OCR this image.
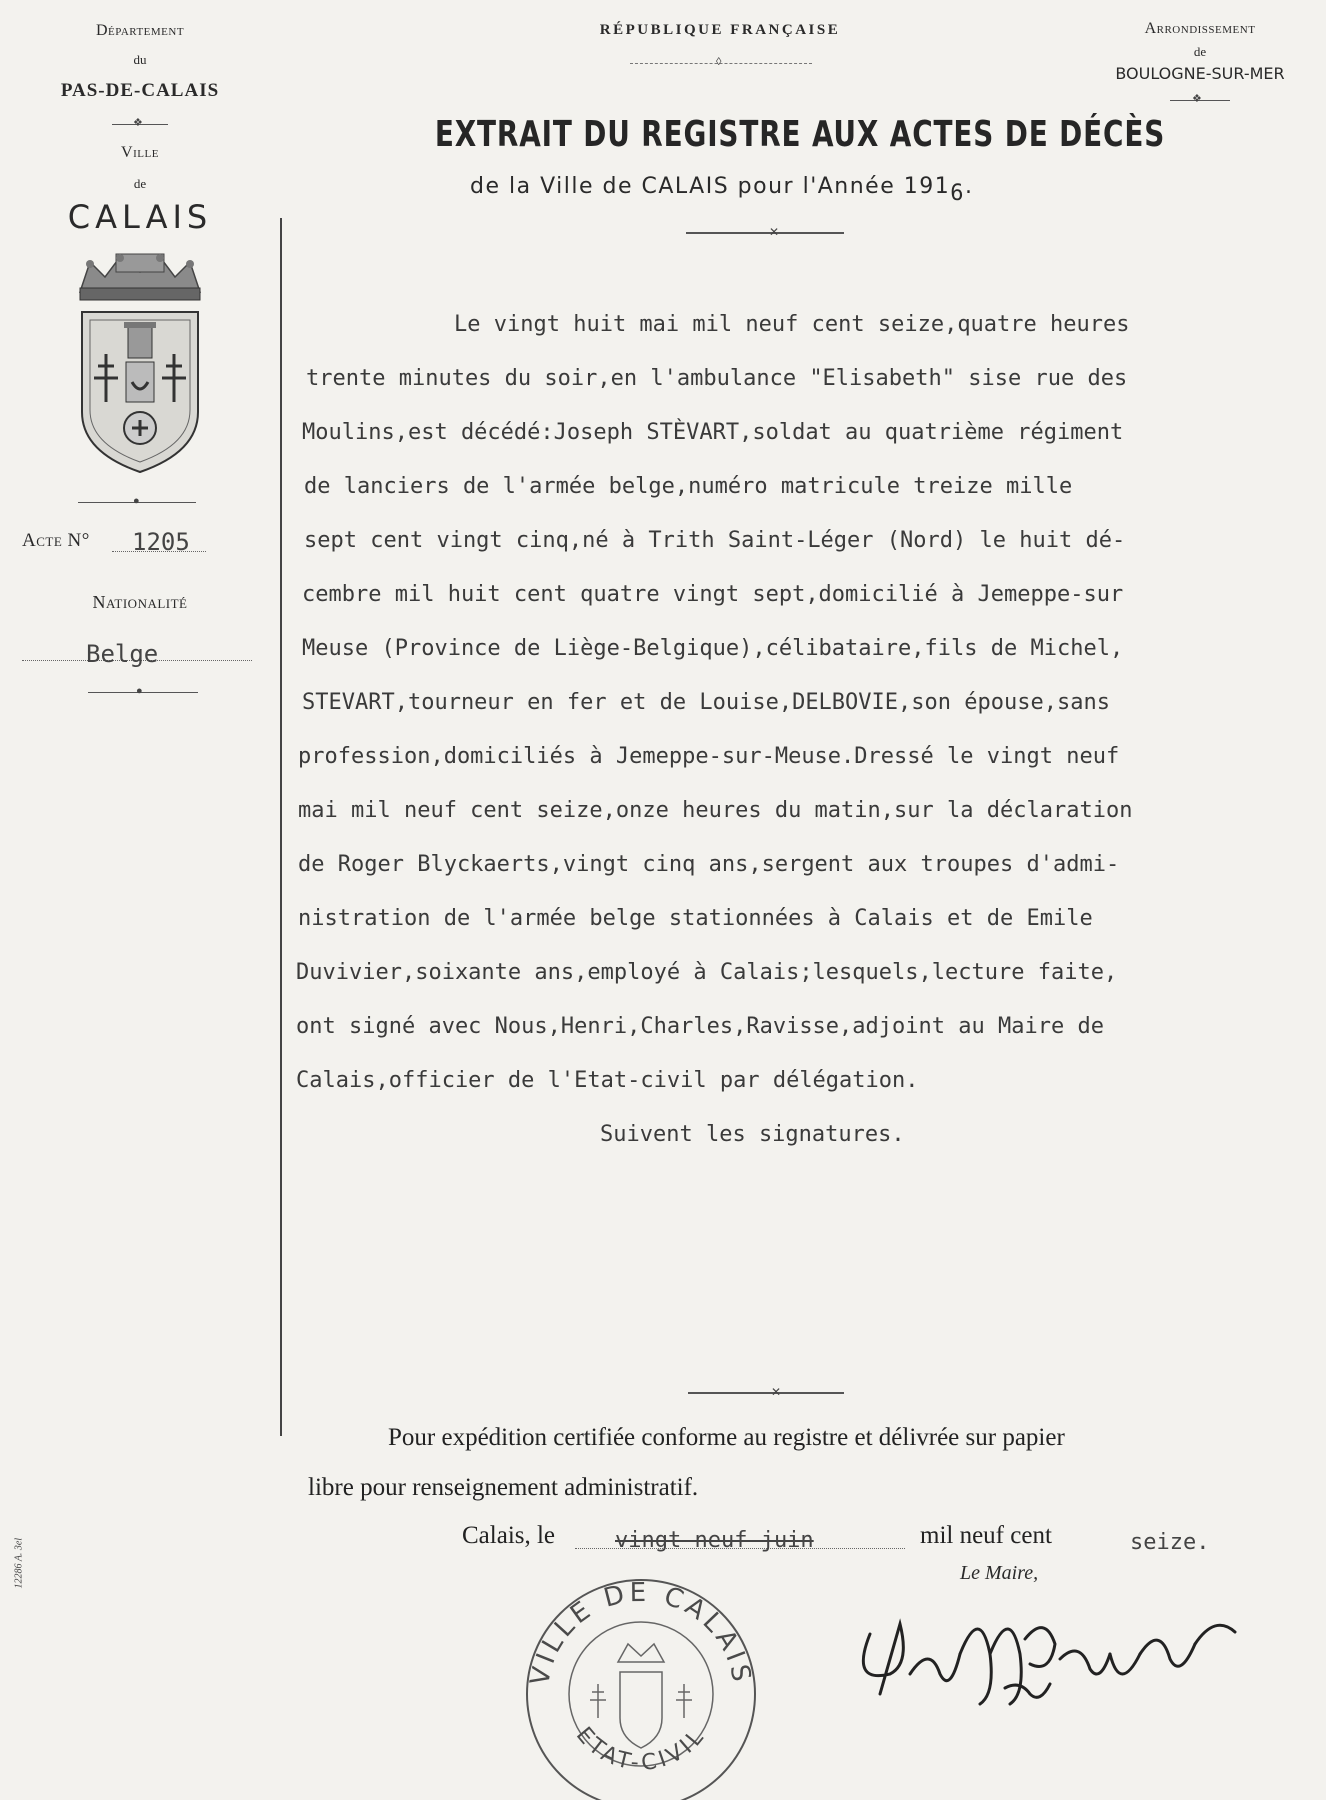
Département
du
PAS-DE-CALAIS
❖
Ville
de
CALAIS
●
Acte N° 1205
Nationalité
Belge
●
12286 A. 3el
RÉPUBLIQUE FRANÇAISE
◊
Arrondissement
de
BOULOGNE-SUR-MER
❖
EXTRAIT DU REGISTRE AUX ACTES DE DÉCÈS
de la Ville de CALAIS pour l'Année 1916.
✕

Le vingt huit mai mil neuf cent seize,quatre heures

trente minutes du soir,en l'ambulance "Elisabeth" sise rue des

Moulins,est décédé:Joseph STÈVART,soldat au quatrième régiment

de lanciers de l'armée belge,numéro matricule treize mille

sept cent vingt cinq,né à Trith Saint-Léger (Nord) le huit dé-

cembre mil huit cent quatre vingt sept,domicilié à Jemeppe-sur

Meuse (Province de Liège-Belgique),célibataire,fils de Michel,

STEVART,tourneur en fer et de Louise,DELBOVIE,son épouse,sans

profession,domiciliés à Jemeppe-sur-Meuse.Dressé le vingt neuf

mai mil neuf cent seize,onze heures du matin,sur la déclaration

de Roger Blyckaerts,vingt cinq ans,sergent aux troupes d'admi-

nistration de l'armée belge stationnées à Calais et de Emile

Duvivier,soixante ans,employé à Calais;lesquels,lecture faite,

ont signé avec Nous,Henri,Charles,Ravisse,adjoint au Maire de

Calais,officier de l'Etat-civil par délégation.

Suivent les signatures.

✕
Pour expédition certifiée conforme au registre et délivrée sur papier
libre pour renseignement administratif.
Calais, le	vingt neuf juin	mil neuf cent	seize.
Le Maire,
VILLE DE CALAIS
ETAT-CIVIL
